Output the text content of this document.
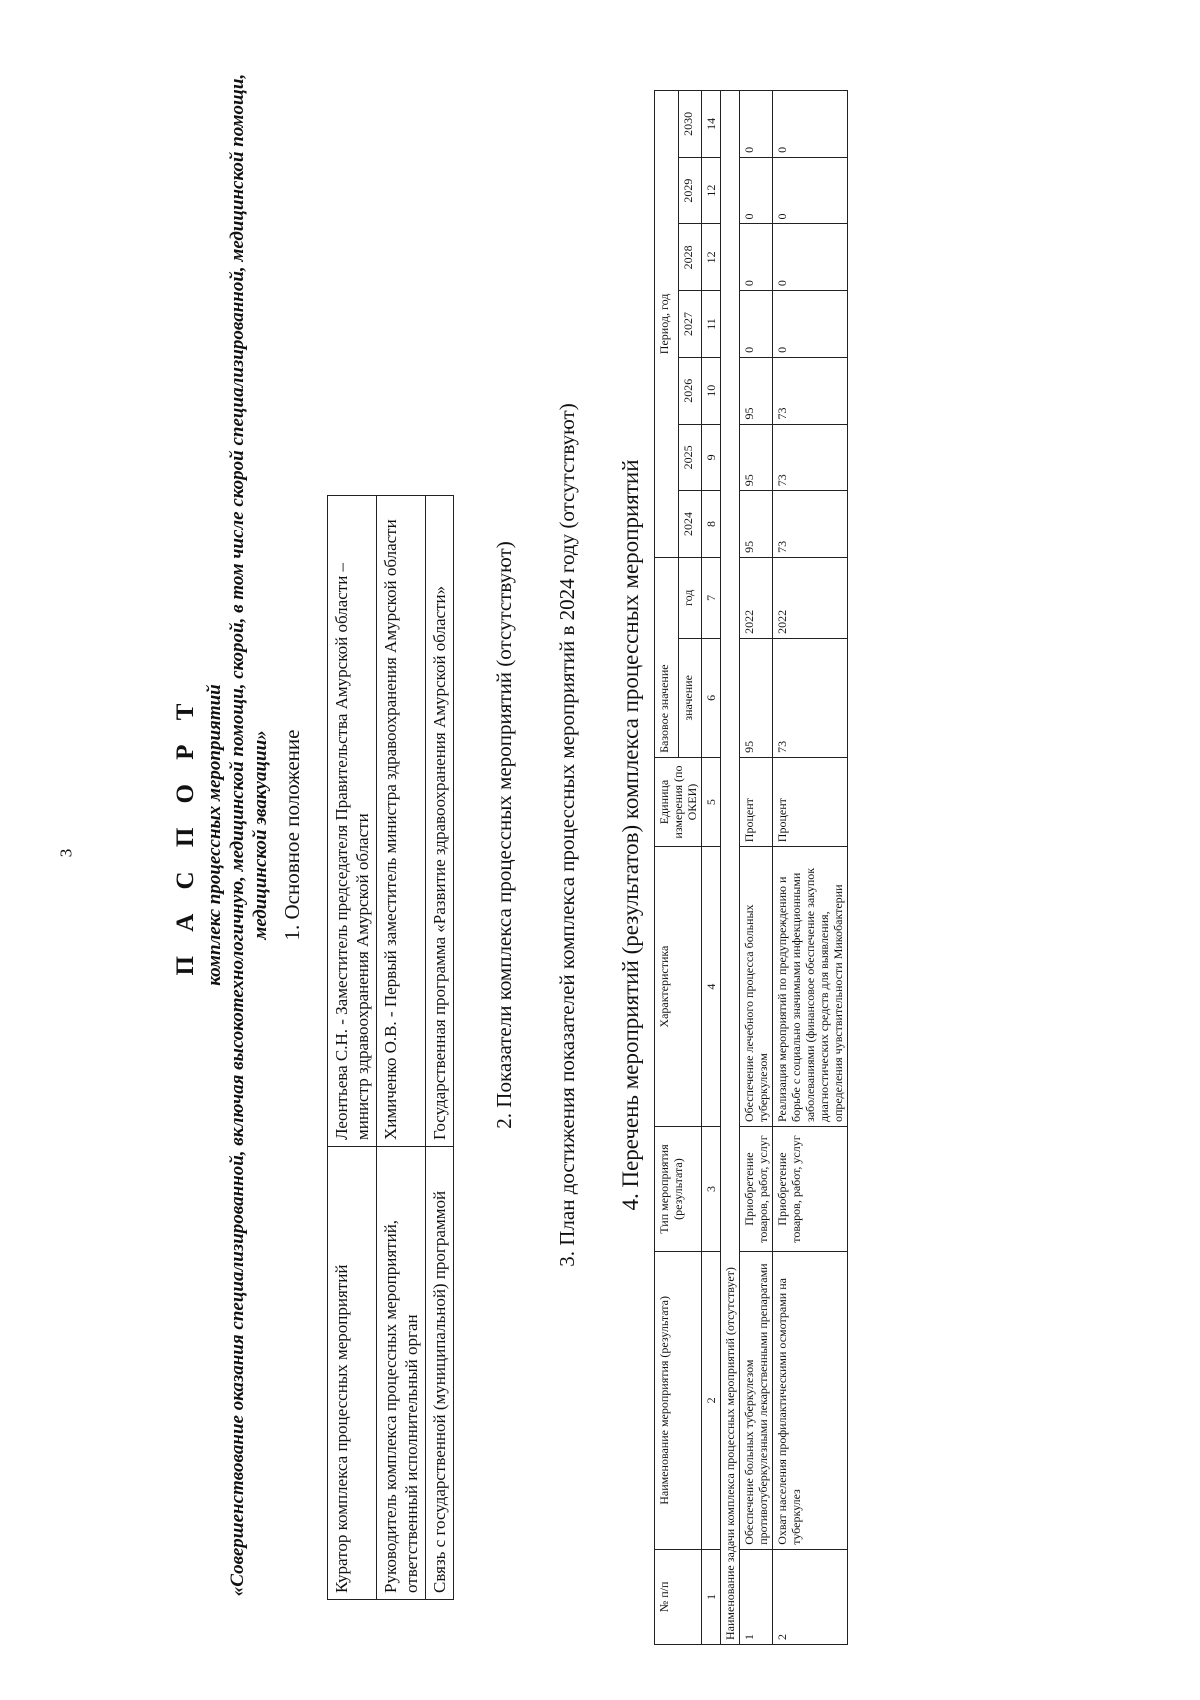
3	П А С П О Р Т комплекс процессных мероприятий «Совершенствование оказания специализированной, включая высокотехнологичную, медицинской помощи, скорой, в том числе скорой специализированной, медицинской помощи, медицинской эвакуации» 1. Основное положение
Куратор комплекса процессных мероприятий	Леонтьева С.Н. - Заместитель председателя Правительства Амурской области – министр здравоохранения Амурской области
Руководитель комплекса процессных мероприятий, ответственный исполнительный орган	Химиченко О.В. - Первый заместитель министра здравоохранения Амурской области
Связь с государственной (муниципальной) программой	Государственная программа «Развитие здравоохранения Амурской области» 2. Показатели комплекса процессных мероприятий (отсутствуют) 3. План достижения показателей комплекса процессных мероприятий в 2024 году (отсутствуют) 4. Перечень мероприятий (результатов) комплекса процессных мероприятий
№ п/п	Наименование мероприятия (результата)	Тип мероприятия (результата)	Характеристика	Единица измерения (по ОКЕИ)	Базовое значение		Период, год						
					значение	год	2024	2025	2026	2027	2028	2029	2030
1	2	3	4	5	6	7	8	9	10	11	12	12	14
Наименование задачи комплекса процессных мероприятий (отсутствует)													
1	Обеспечение больных туберкулезом противотуберкулезными лекарственными препаратами	Приобретение товаров, работ, услуг	Обеспечение лечебного процесса больных туберкулезом	Процент	95	2022	95	95	95	0	0	0	0
2	Охват населения профилактическими осмотрами на туберкулез	Приобретение товаров, работ, услуг	Реализация мероприятий по предупреждению и борьбе с социально значимыми инфекционными заболеваниями (финансовое обеспечение закупок диагностических средств для выявления, определения чувствительности Микобактерии	Процент	73	2022	73	73	73	0	0	0	0
